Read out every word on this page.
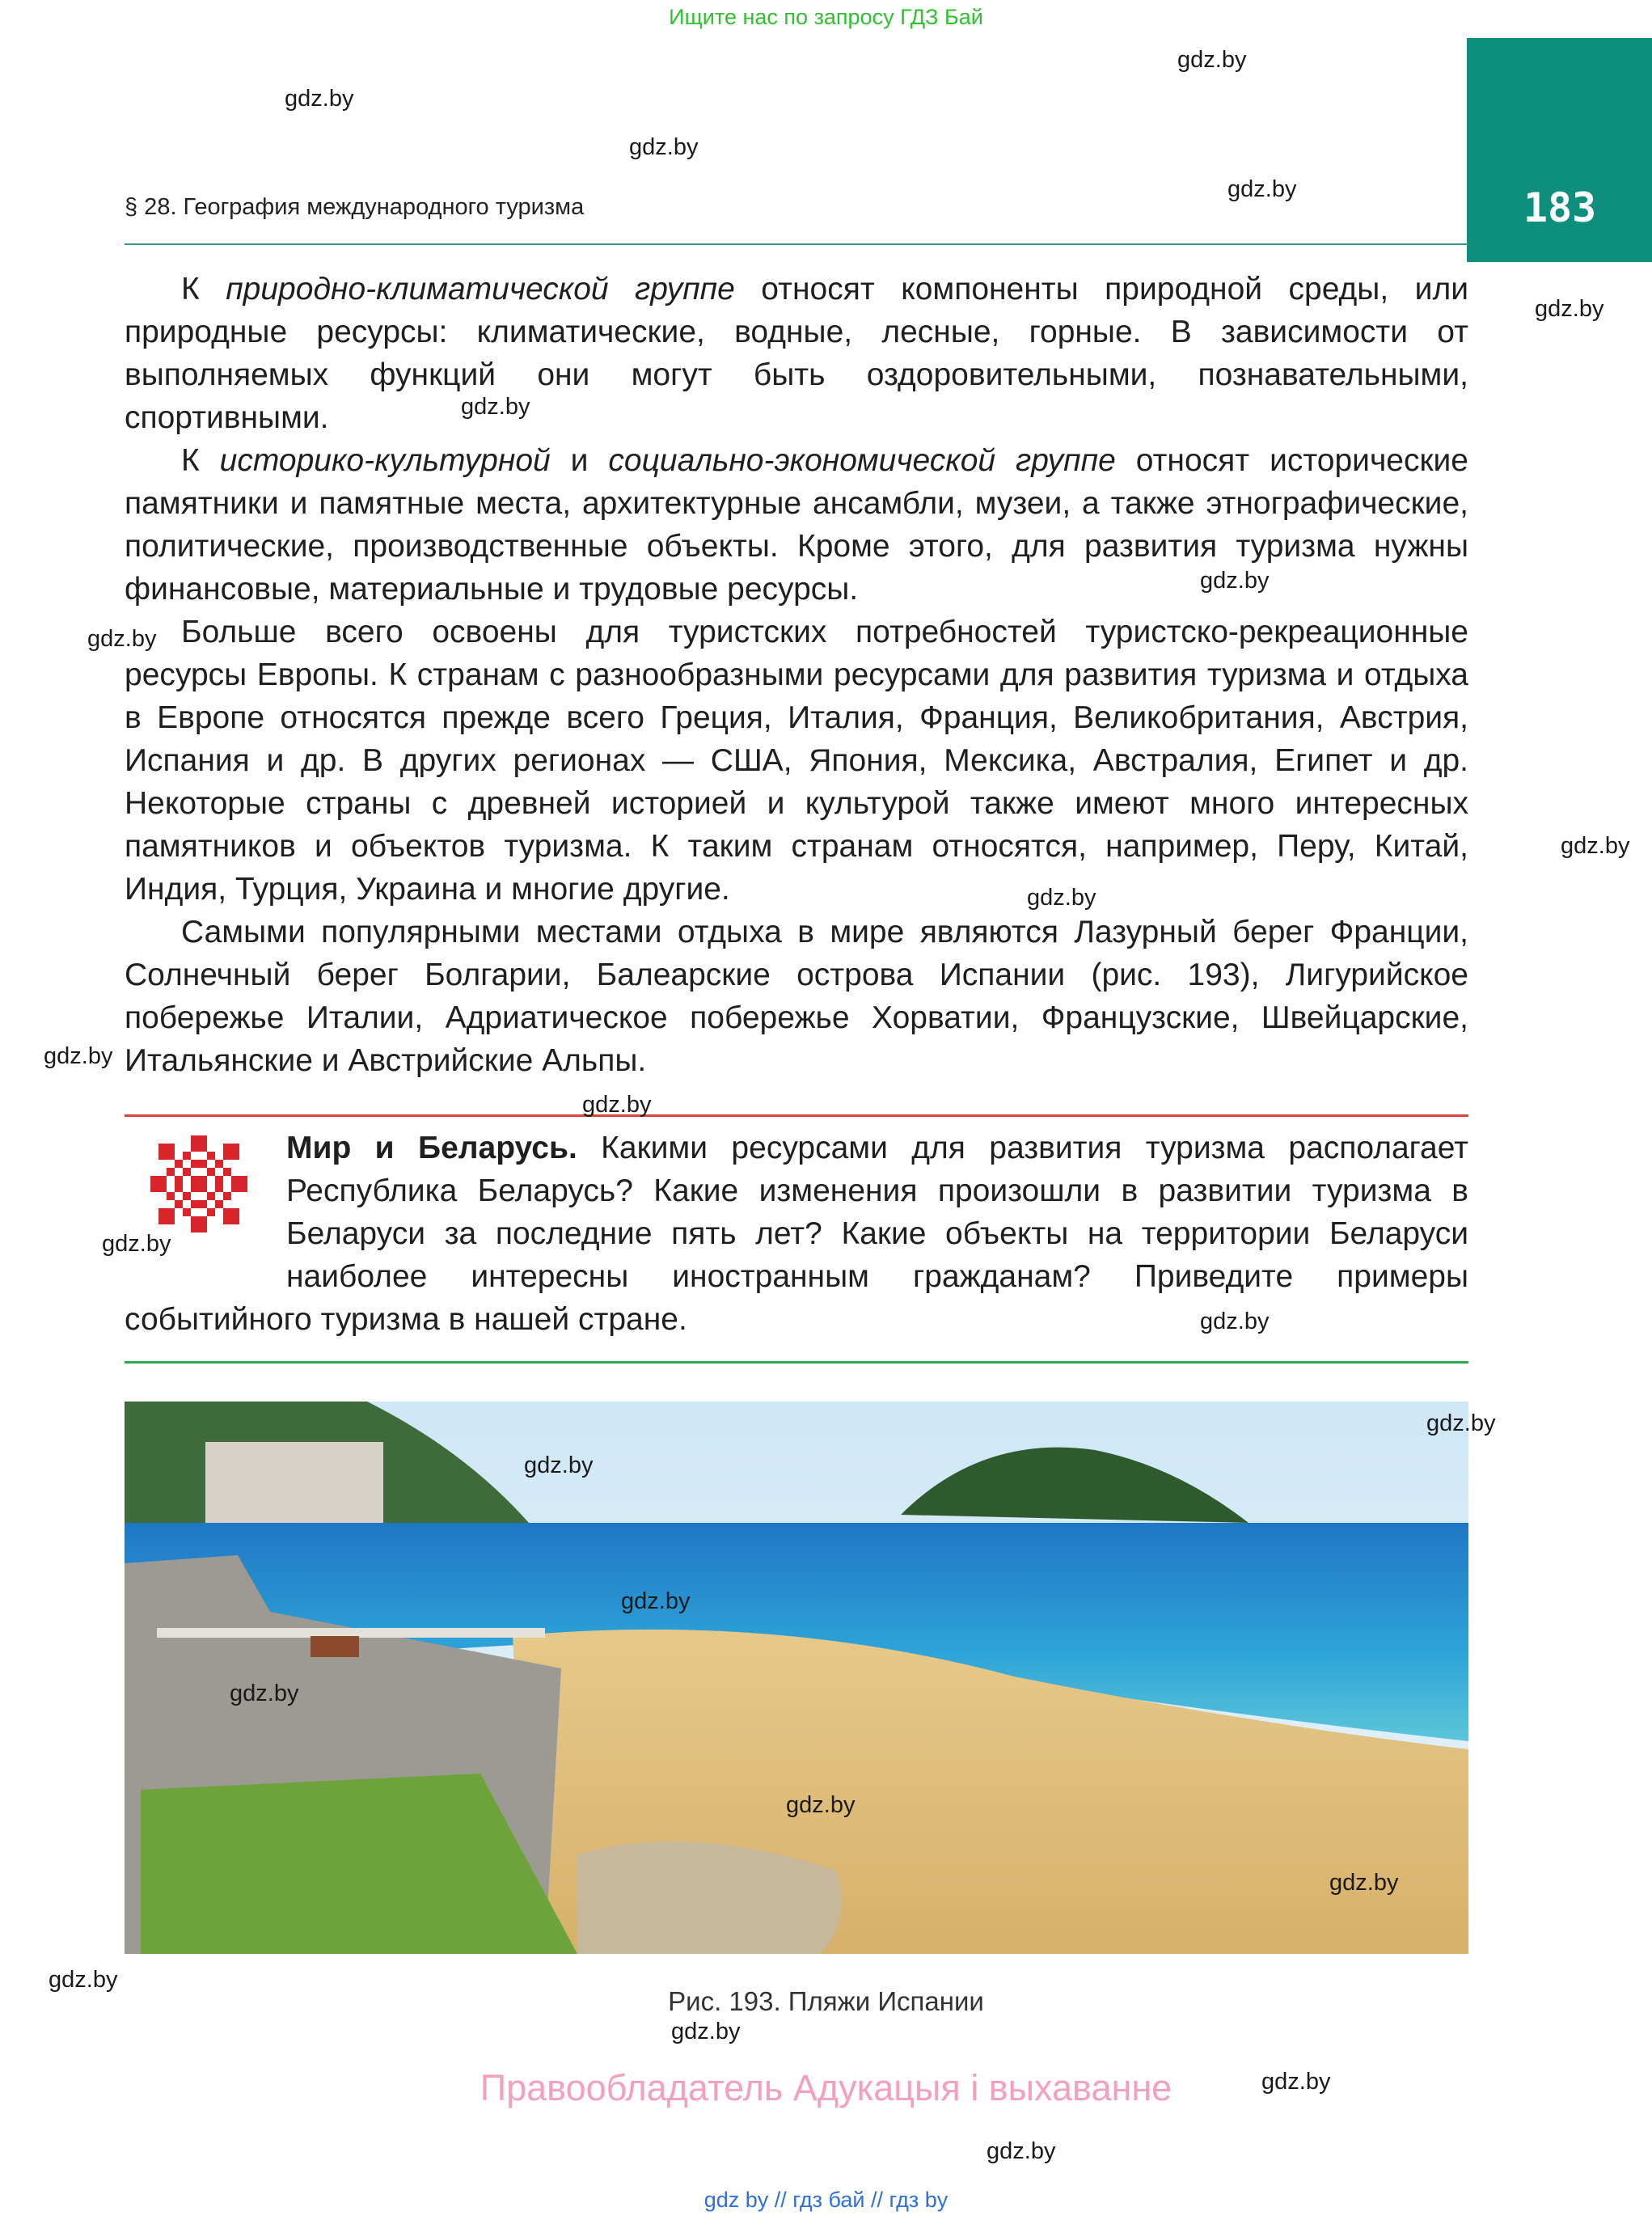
Ищите нас по запросу ГДЗ Бай
183
§ 28. География международного туризма

К природно-климатической группе относят компоненты природной среды, или природные ресурсы: климатические, водные, лесные, горные. В зависимости от выполняемых функций они могут быть оздоровительными, познавательными, спортивными.

К историко-культурной и социально-экономической группе относят исторические памятники и памятные места, архитектурные ансамбли, музеи, а также этнографические, политические, производственные объекты. Кроме этого, для развития туризма нужны финансовые, материальные и трудовые ресурсы.

Больше всего освоены для туристских потребностей туристско-рекреационные ресурсы Европы. К странам с разнообразными ресурсами для развития туризма и отдыха в Европе относятся прежде всего Греция, Италия, Франция, Великобритания, Австрия, Испания и др. В других регионах — США, Япония, Мексика, Австралия, Египет и др. Некоторые страны с древней историей и культурой также имеют много интересных памятников и объектов туризма. К таким странам относятся, например, Перу, Китай, Индия, Турция, Украина и многие другие.

Самыми популярными местами отдыха в мире являются Лазурный берег Франции, Солнечный берег Болгарии, Балеарские острова Испании (рис. 193), Лигурийское побережье Италии, Адриатическое побережье Хорватии, Французские, Швейцарские, Итальянские и Австрийские Альпы.

Мир и Беларусь. Какими ресурсами для развития туризма располагает Республика Беларусь? Какие изменения произошли в развитии туризма в Беларуси за последние пять лет? Какие объекты на территории Беларуси наиболее интересны иностранным гражданам? Приведите примеры событийного туризма в нашей стране.
Рис. 193. Пляжи Испании
Правообладатель Адукацыя і выхаванне
gdz by // гдз бай // гдз by
gdz.by
gdz.by
gdz.by
gdz.by
gdz.by
gdz.by
gdz.by
gdz.by
gdz.by
gdz.by
gdz.by
gdz.by
gdz.by
gdz.by
gdz.by
gdz.by
gdz.by
gdz.by
gdz.by
gdz.by
gdz.by
gdz.by
gdz.by
gdz.by
